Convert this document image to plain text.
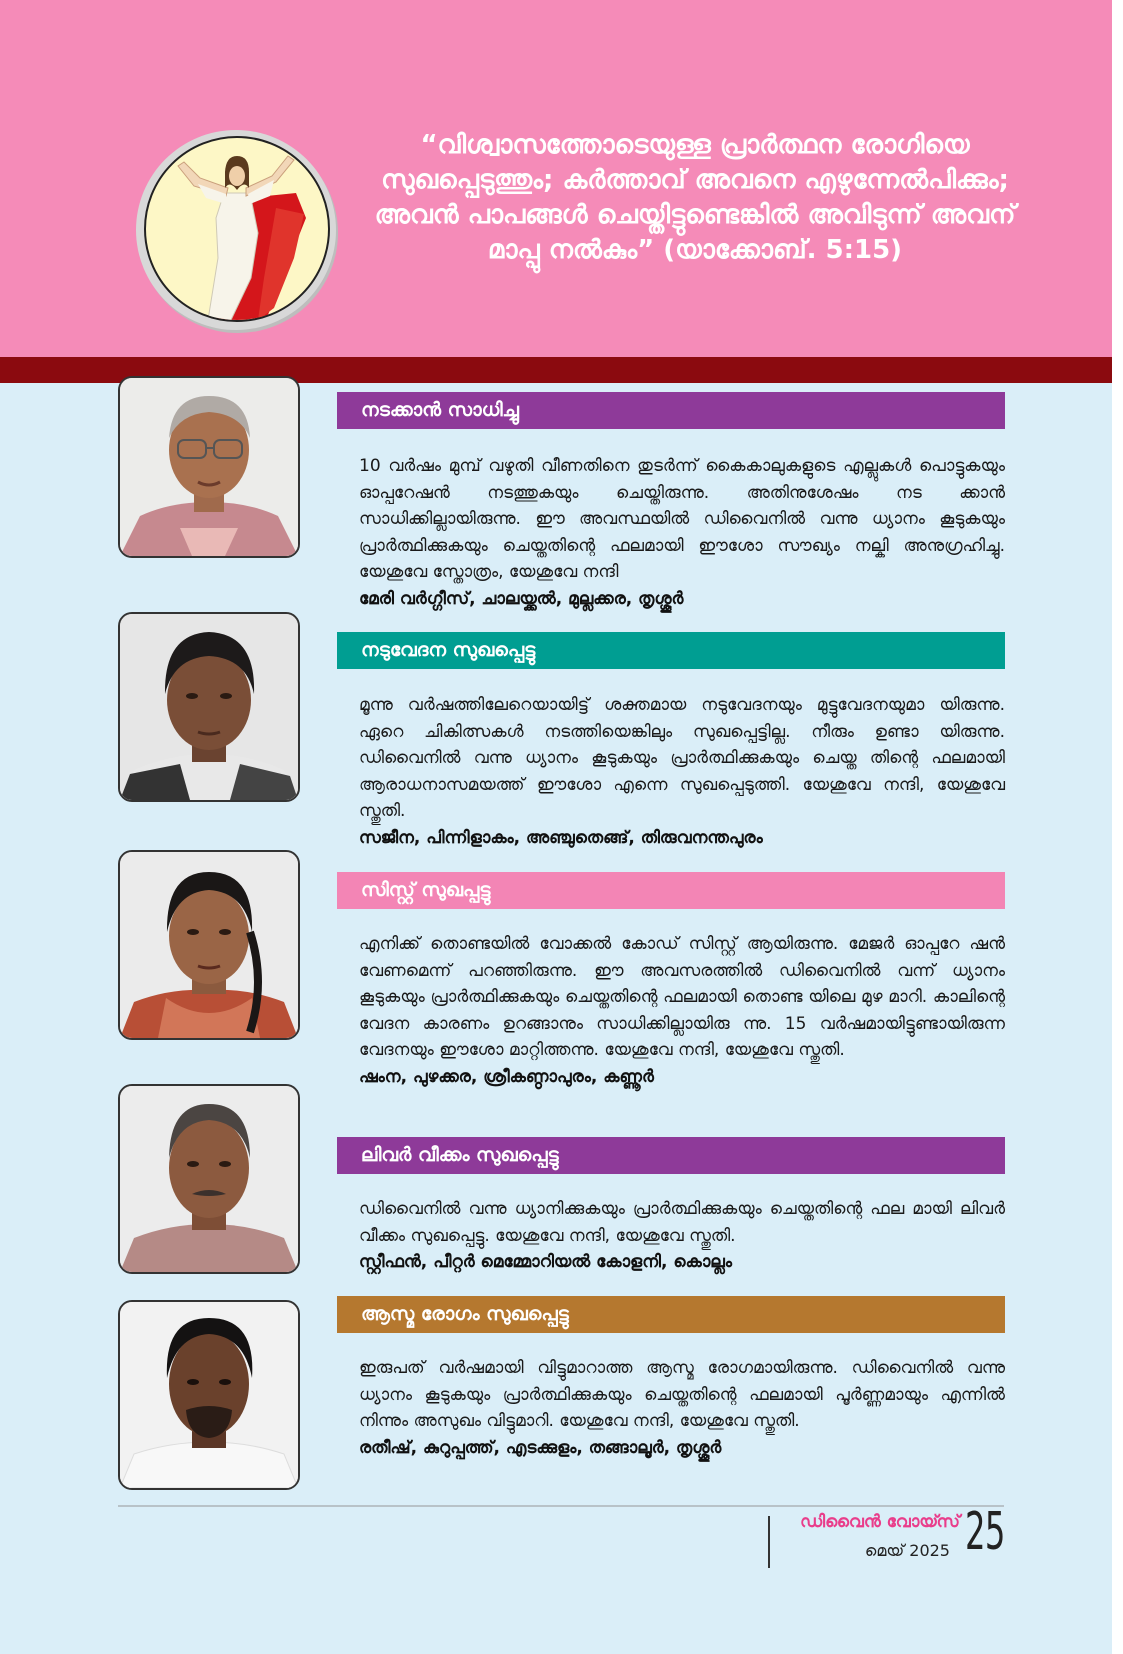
“വിശ്വാസത്തോടെയുള്ള പ്രാർത്ഥന രോഗിയെ സുഖപ്പെടുത്തും; കർത്താവ് അവനെ എഴുന്നേൽപിക്കും; അവൻ പാപങ്ങൾ ചെയ്തിട്ടുണ്ടെങ്കിൽ അവിടുന്ന് അവന് മാപ്പു നൽകും” (യാക്കോബ്. 5:15)
നടക്കാൻ സാധിച്ചു
10 വർഷം മുമ്പ് വഴുതി വീണതിനെ തുടർന്ന് കൈകാലുകളുടെ എല്ലുകൾ പൊട്ടുകയും ഓപ്പറേഷൻ നടത്തുകയും ചെയ്തിരുന്നു. അതിനുശേഷം നട ക്കാൻ സാധിക്കില്ലായിരുന്നു. ഈ അവസ്ഥയിൽ ഡിവൈനിൽ വന്നു ധ്യാനം കൂടുകയും പ്രാർത്ഥിക്കുകയും ചെയ്തതിന്റെ ഫലമായി ഈശോ സൗഖ്യം നല്കി അനുഗ്രഹിച്ചു. യേശുവേ സ്തോത്രം, യേശുവേ നന്ദി
മേരി വർഗ്ഗീസ്, ചാലയ്ക്കൽ, മുല്ലക്കര, തൃശ്ശൂർ
നടുവേദന സുഖപ്പെട്ടു
മൂന്നു വർഷത്തിലേറെയായിട്ട് ശക്തമായ നടുവേദനയും മുട്ടുവേദനയുമാ യിരുന്നു. ഏറെ ചികിത്സകൾ നടത്തിയെങ്കിലും സുഖപ്പെട്ടില്ല. നീരും ഉണ്ടാ യിരുന്നു. ഡിവൈനിൽ വന്നു ധ്യാനം കൂടുകയും പ്രാർത്ഥിക്കുകയും ചെയ്ത തിന്റെ ഫലമായി ആരാധനാസമയത്ത് ഈശോ എന്നെ സുഖപ്പെടുത്തി. യേശുവേ നന്ദി, യേശുവേ സ്തുതി.
സജീന, പിന്നിളാകം, അഞ്ചുതെങ്ങ്, തിരുവനന്തപുരം
സിസ്റ്റ് സുഖപ്പട്ടു
എനിക്ക് തൊണ്ടയിൽ വോക്കൽ കോഡ് സിസ്റ്റ് ആയിരുന്നു. മേജർ ഓപ്പറേ ഷൻ വേണമെന്ന് പറഞ്ഞിരുന്നു. ഈ അവസരത്തിൽ ഡിവൈനിൽ വന്ന് ധ്യാനം കൂടുകയും പ്രാർത്ഥിക്കുകയും ചെയ്തതിന്റെ ഫലമായി തൊണ്ട യിലെ മുഴ മാറി. കാലിന്റെ വേദന കാരണം ഉറങ്ങാനും സാധിക്കില്ലായിരു ന്നു. 15 വർഷമായിട്ടുണ്ടായിരുന്ന വേദനയും ഈശോ മാറ്റിത്തന്നു. യേശുവേ നന്ദി, യേശുവേ സ്തുതി.
ഷംന, പുഴക്കര, ശ്രീകണ്ഠാപുരം, കണ്ണൂർ
ലിവർ വീക്കം സുഖപ്പെട്ടു
ഡിവൈനിൽ വന്നു ധ്യാനിക്കുകയും പ്രാർത്ഥിക്കുകയും ചെയ്തതിന്റെ ഫല മായി ലിവർ വീക്കം സുഖപ്പെട്ടു. യേശുവേ നന്ദി, യേശുവേ സ്തുതി.
സ്റ്റീഫൻ, പീറ്റർ മെമ്മോറിയൽ കോളനി, കൊല്ലം
ആസ്മ രോഗം സുഖപ്പെട്ടു
ഇരുപത് വർഷമായി വിട്ടുമാറാത്ത ആസ്മ രോഗമായിരുന്നു. ഡിവൈനിൽ വന്നു ധ്യാനം കൂടുകയും പ്രാർത്ഥിക്കുകയും ചെയ്തതിന്റെ ഫലമായി പൂർണ്ണമായും എന്നിൽ നിന്നും അസുഖം വിട്ടുമാറി. യേശുവേ നന്ദി, യേശുവേ സ്തുതി.
രതീഷ്, കുറുപ്പത്ത്, എടക്കുളം, തങ്ങാലൂർ, തൃശ്ശൂർ
ഡിവൈൻ വോയ്സ്
മെയ് 2025 25
